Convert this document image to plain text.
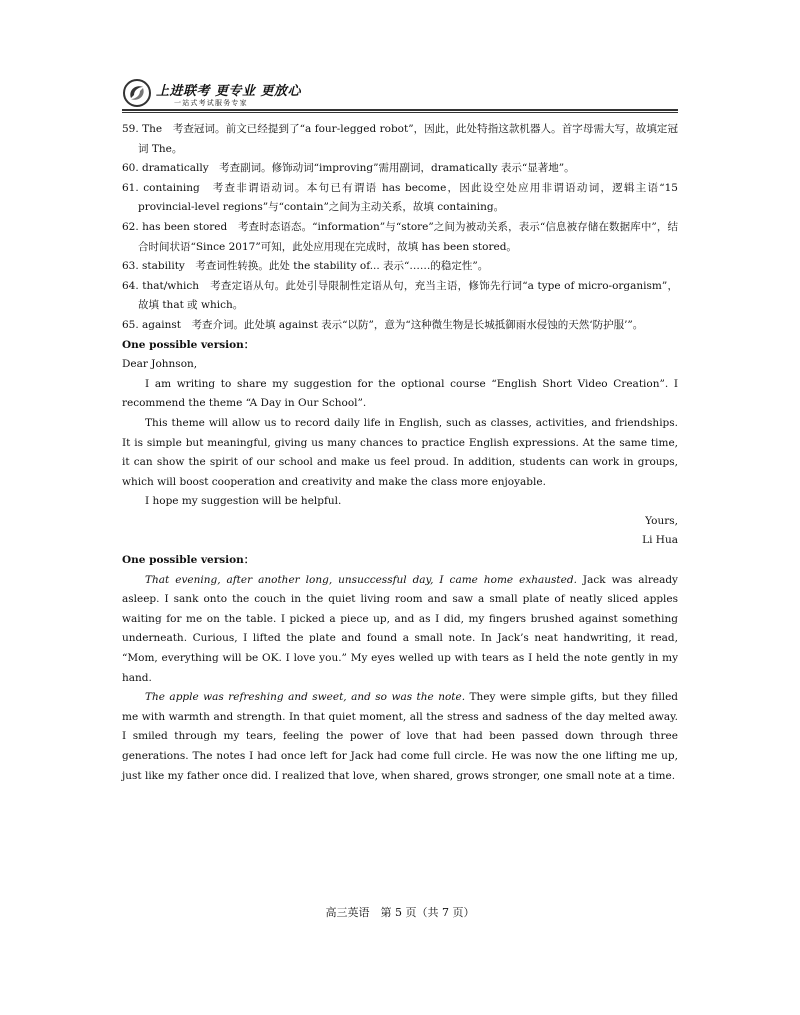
上进联考 更专业 更放心
一站式考试服务专家
59. The　考查冠词。前文已经提到了“a four-legged robot”，因此，此处特指这款机器人。首字母需大写，故填定冠词 The。
60. dramatically　考查副词。修饰动词“improving”需用副词，dramatically 表示“显著地”。
61. containing　考查非谓语动词。本句已有谓语 has become，因此设空处应用非谓语动词，逻辑主语“15 provincial-level regions”与“contain”之间为主动关系，故填 containing。
62. has been stored　考查时态语态。“information”与“store”之间为被动关系，表示“信息被存储在数据库中”，结合时间状语“Since 2017”可知，此处应用现在完成时，故填 has been stored。
63. stability　考查词性转换。此处 the stability of... 表示“……的稳定性”。
64. that/which　考查定语从句。此处引导限制性定语从句，充当主语，修饰先行词“a type of micro-organism”，故填 that 或 which。
65. against　考查介词。此处填 against 表示“以防”，意为“这种微生物是长城抵御雨水侵蚀的天然‘防护服’”。
One possible version：
Dear Johnson,
I am writing to share my suggestion for the optional course “English Short Video Creation”. I recommend the theme “A Day in Our School”.
This theme will allow us to record daily life in English, such as classes, activities, and friendships. It is simple but meaningful, giving us many chances to practice English expressions. At the same time, it can show the spirit of our school and make us feel proud. In addition, students can work in groups, which will boost cooperation and creativity and make the class more enjoyable.
I hope my suggestion will be helpful.
Yours,
Li Hua
One possible version：
That evening, after another long, unsuccessful day, I came home exhausted. Jack was already asleep. I sank onto the couch in the quiet living room and saw a small plate of neatly sliced apples waiting for me on the table. I picked a piece up, and as I did, my fingers brushed against something underneath. Curious, I lifted the plate and found a small note. In Jack’s neat handwriting, it read, “Mom, everything will be OK. I love you.” My eyes welled up with tears as I held the note gently in my hand.
The apple was refreshing and sweet, and so was the note. They were simple gifts, but they filled me with warmth and strength. In that quiet moment, all the stress and sadness of the day melted away. I smiled through my tears, feeling the power of love that had been passed down through three generations. The notes I had once left for Jack had come full circle. He was now the one lifting me up, just like my father once did. I realized that love, when shared, grows stronger, one small note at a time.
高三英语　第 5 页（共 7 页）
